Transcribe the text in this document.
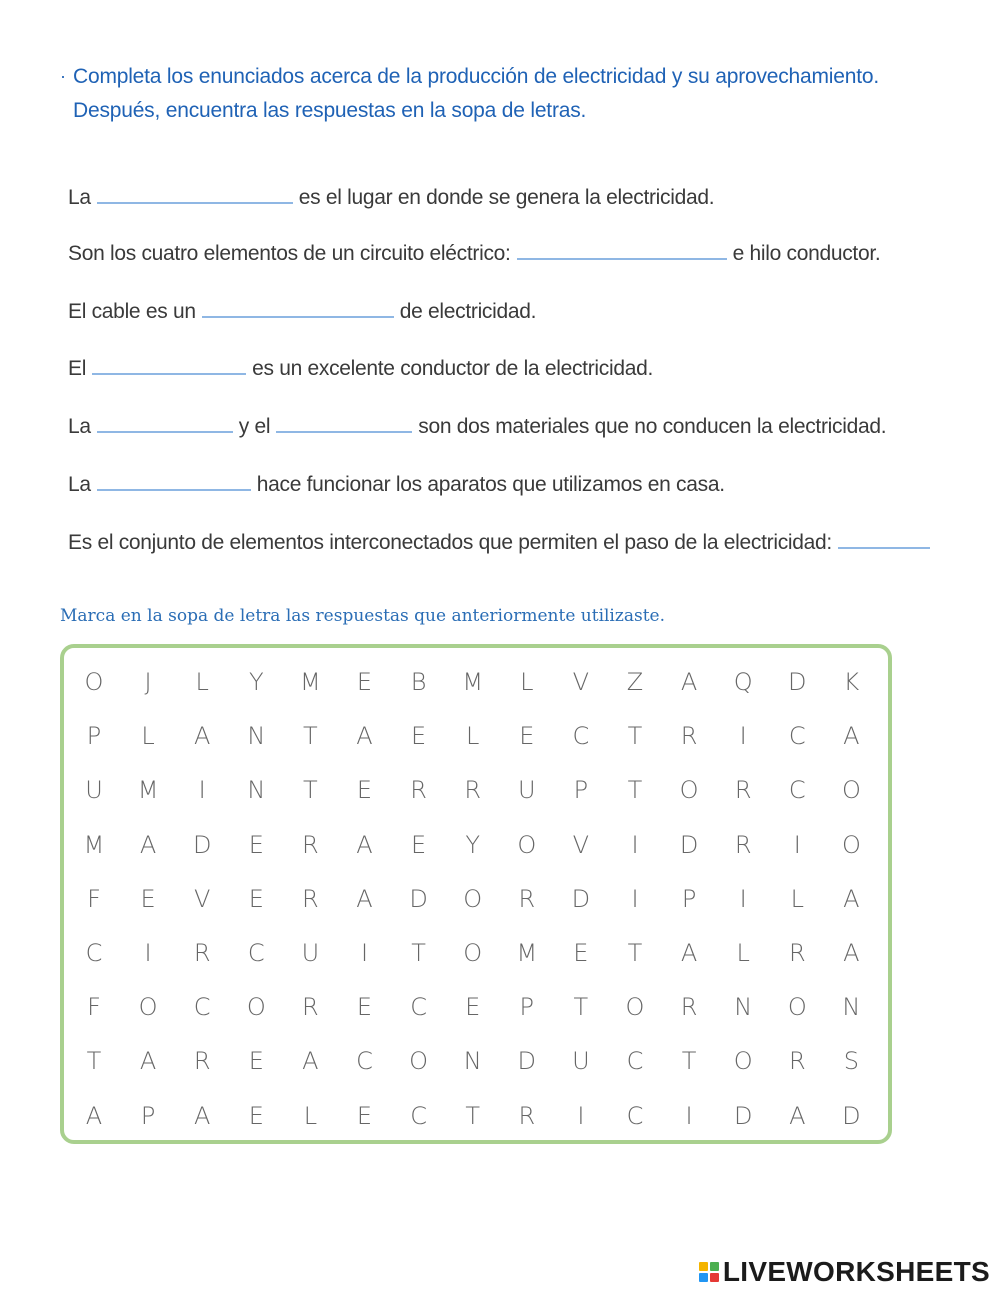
· Completa los enunciados acerca de la producción de electricidad y su aprovechamiento.
Después, encuentra las respuestas en la sopa de letras.
La	es el lugar en donde se genera la electricidad.
Son los cuatro elementos de un circuito eléctrico:	e hilo conductor.
El cable es un	de electricidad.
El	es un excelente conductor de la electricidad.
La	y el	son dos materiales que no conducen la electricidad.
La	hace funcionar los aparatos que utilizamos en casa.
Es el conjunto de elementos interconectados que permiten el paso de la electricidad:
Marca en la sopa de letra las respuestas que anteriormente utilizaste.
O	J	L	Y	M	E	B	M	L	V	Z	A	Q	D	K
P	L	A	N	T	A	E	L	E	C	T	R	I	C	A
U	M	I	N	T	E	R	R	U	P	T	O	R	C	O
M	A	D	E	R	A	E	Y	O	V	I	D	R	I	O
F	E	V	E	R	A	D	O	R	D	I	P	I	L	A
C	I	R	C	U	I	T	O	M	E	T	A	L	R	A
F	O	C	O	R	E	C	E	P	T	O	R	N	O	N
T	A	R	E	A	C	O	N	D	U	C	T	O	R	S
A	P	A	E	L	E	C	T	R	I	C	I	D	A	D
LIVEWORKSHEETS
